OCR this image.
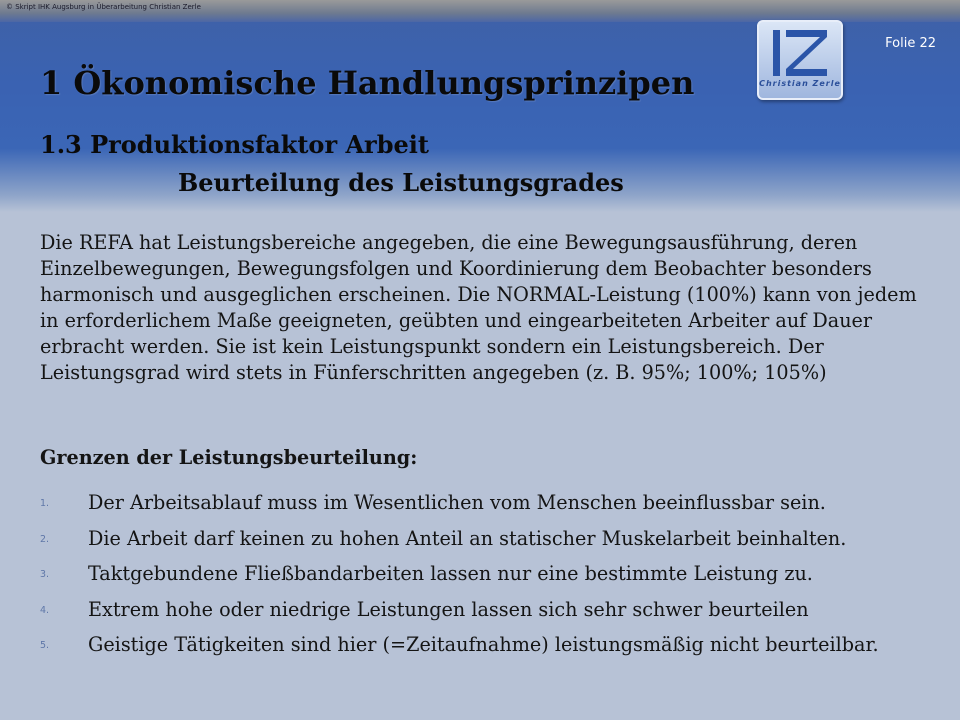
© Skript IHK Augsburg in Überarbeitung Christian Zerle
Christian Zerle
Folie 22
1 Ökonomische Handlungsprinzipen
1.3 Produktionsfaktor Arbeit
Beurteilung des Leistungsgrades

Die REFA hat Leistungsbereiche angegeben, die eine Bewegungsausführung, deren Einzelbewegungen, Bewegungsfolgen und Koordinierung dem Beobachter besonders harmonisch und ausgeglichen erscheinen. Die NORMAL-Leistung (100%) kann von jedem in erforderlichem Maße geeigneten, geübten und eingearbeiteten Arbeiter auf Dauer erbracht werden. Sie ist kein Leistungspunkt sondern ein Leistungsbereich. Der Leistungsgrad wird stets in Fünferschritten angegeben (z. B. 95%; 100%; 105%)

Grenzen der Leistungsbeurteilung:

1. Der Arbeitsablauf muss im Wesentlichen vom Menschen beeinflussbar sein.
2. Die Arbeit darf keinen zu hohen Anteil an statischer Muskelarbeit beinhalten.
3. Taktgebundene Fließbandarbeiten lassen nur eine bestimmte Leistung zu.
4. Extrem hohe oder niedrige Leistungen lassen sich sehr schwer beurteilen
5. Geistige Tätigkeiten sind hier (=Zeitaufnahme) leistungsmäßig nicht beurteilbar.
